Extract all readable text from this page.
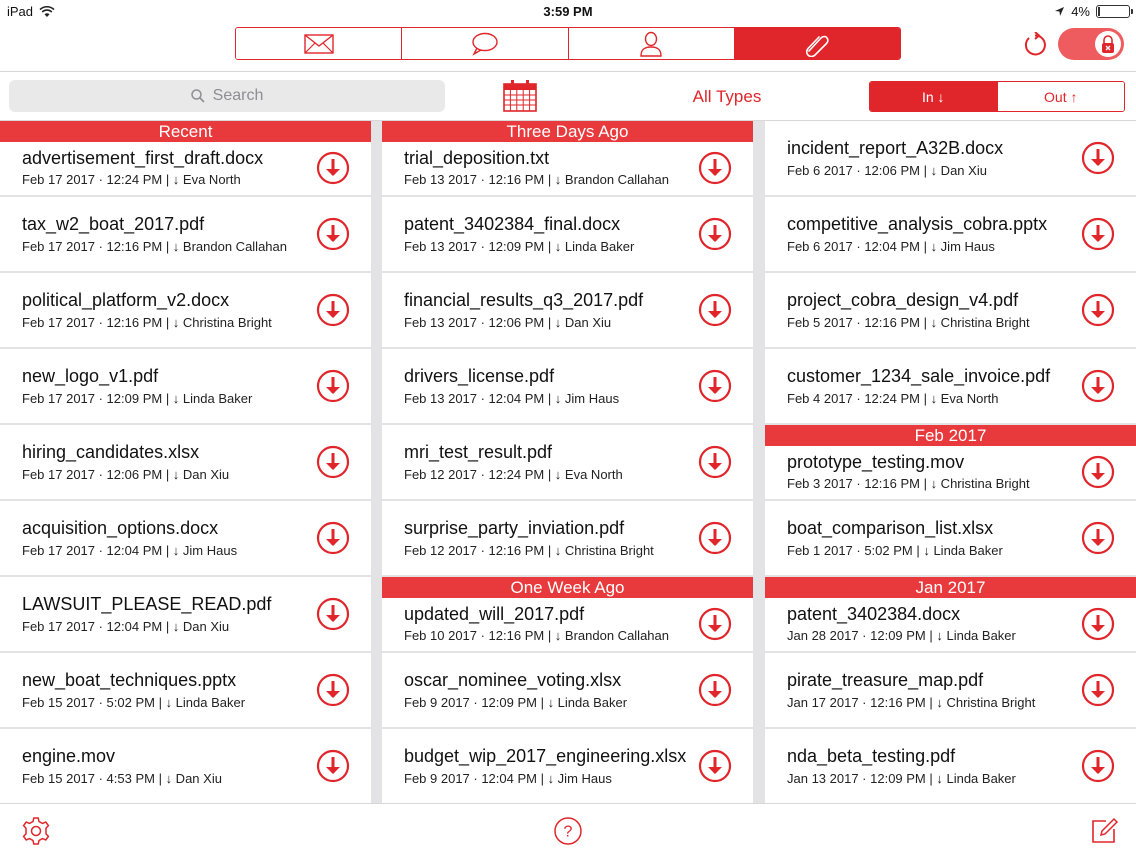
iPad	3:59 PM	4%
Search	All Types	In ↓	Out ↑
Recent
advertisement_first_draft.docx
Feb 17 2017 · 12:24 PM | ↓ Eva North
tax_w2_boat_2017.pdf
Feb 17 2017 · 12:16 PM | ↓ Brandon Callahan
political_platform_v2.docx
Feb 17 2017 · 12:16 PM | ↓ Christina Bright
new_logo_v1.pdf
Feb 17 2017 · 12:09 PM | ↓ Linda Baker
hiring_candidates.xlsx
Feb 17 2017 · 12:06 PM | ↓ Dan Xiu
acquisition_options.docx
Feb 17 2017 · 12:04 PM | ↓ Jim Haus
LAWSUIT_PLEASE_READ.pdf
Feb 17 2017 · 12:04 PM | ↓ Dan Xiu
new_boat_techniques.pptx
Feb 15 2017 · 5:02 PM | ↓ Linda Baker
engine.mov
Feb 15 2017 · 4:53 PM | ↓ Dan Xiu
Three Days Ago
trial_deposition.txt
Feb 13 2017 · 12:16 PM | ↓ Brandon Callahan
patent_3402384_final.docx
Feb 13 2017 · 12:09 PM | ↓ Linda Baker
financial_results_q3_2017.pdf
Feb 13 2017 · 12:06 PM | ↓ Dan Xiu
drivers_license.pdf
Feb 13 2017 · 12:04 PM | ↓ Jim Haus
mri_test_result.pdf
Feb 12 2017 · 12:24 PM | ↓ Eva North
surprise_party_inviation.pdf
Feb 12 2017 · 12:16 PM | ↓ Christina Bright
One Week Ago
updated_will_2017.pdf
Feb 10 2017 · 12:16 PM | ↓ Brandon Callahan
oscar_nominee_voting.xlsx
Feb 9 2017 · 12:09 PM | ↓ Linda Baker
budget_wip_2017_engineering.xlsx
Feb 9 2017 · 12:04 PM | ↓ Jim Haus
incident_report_A32B.docx
Feb 6 2017 · 12:06 PM | ↓ Dan Xiu
competitive_analysis_cobra.pptx
Feb 6 2017 · 12:04 PM | ↓ Jim Haus
project_cobra_design_v4.pdf
Feb 5 2017 · 12:16 PM | ↓ Christina Bright
customer_1234_sale_invoice.pdf
Feb 4 2017 · 12:24 PM | ↓ Eva North
Feb 2017
prototype_testing.mov
Feb 3 2017 · 12:16 PM | ↓ Christina Bright
boat_comparison_list.xlsx
Feb 1 2017 · 5:02 PM | ↓ Linda Baker
Jan 2017
patent_3402384.docx
Jan 28 2017 · 12:09 PM | ↓ Linda Baker
pirate_treasure_map.pdf
Jan 17 2017 · 12:16 PM | ↓ Christina Bright
nda_beta_testing.pdf
Jan 13 2017 · 12:09 PM | ↓ Linda Baker
?
